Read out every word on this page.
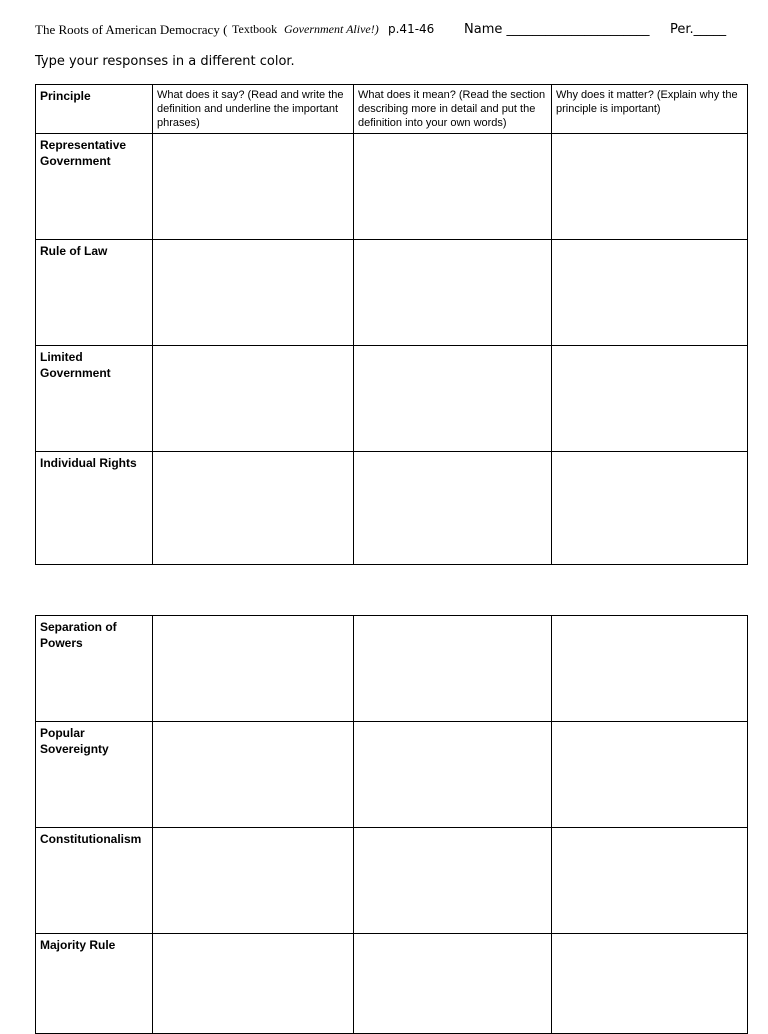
The Roots of American Democracy ( Textbook Government Alive!) p.41-46 Name ______________________ Per._____
Type your responses in a different color.
Principle	What does it say? (Read and write the definition and underline the important phrases)	What does it mean? (Read the section describing more in detail and put the definition into your own words)	Why does it matter? (Explain why the principle is important)
Representative Government			
Rule of Law			
Limited Government			
Individual Rights			
Separation of Powers			
Popular Sovereignty			
Constitutionalism			
Majority Rule			
